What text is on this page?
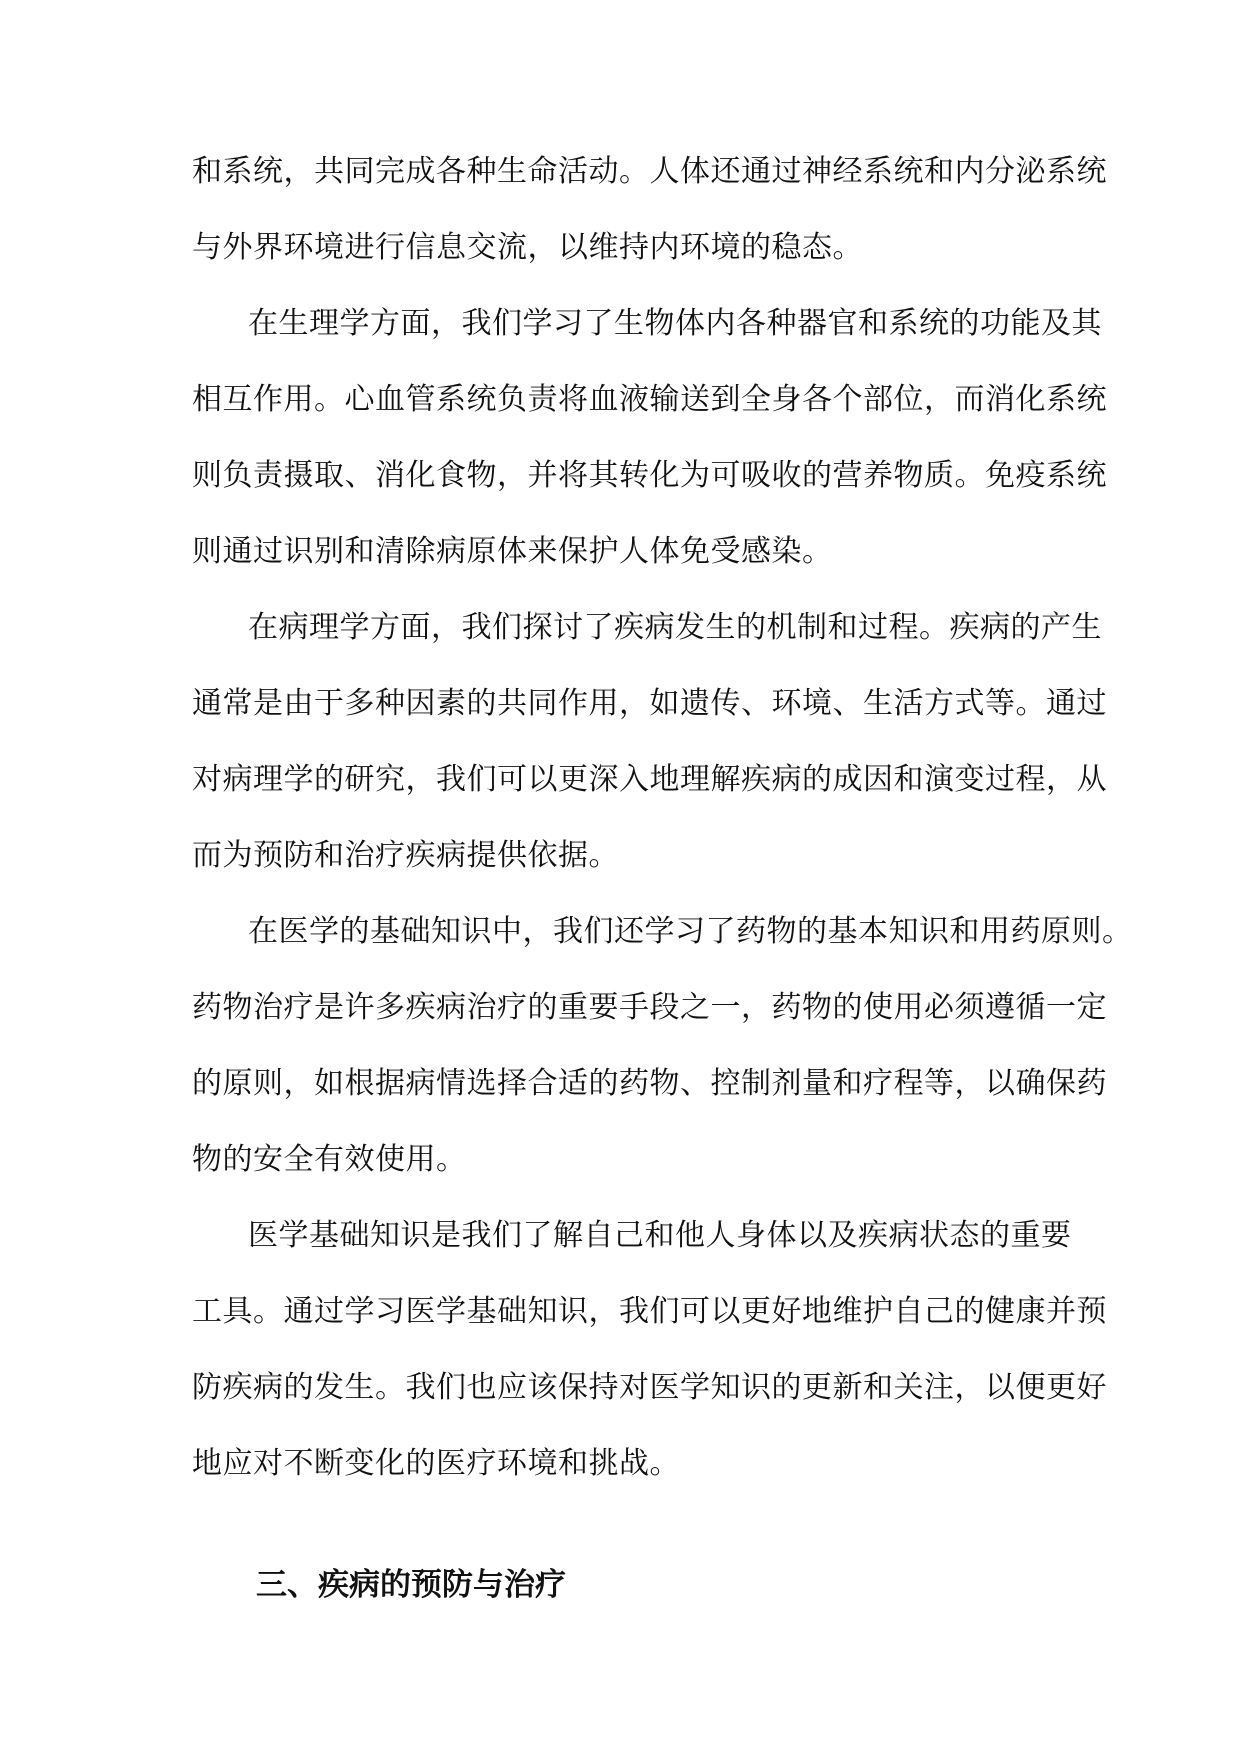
和系统，共同完成各种生命活动。人体还通过神经系统和内分泌系统
与外界环境进行信息交流，以维持内环境的稳态。
在生理学方面，我们学习了生物体内各种器官和系统的功能及其
相互作用。心血管系统负责将血液输送到全身各个部位，而消化系统
则负责摄取、消化食物，并将其转化为可吸收的营养物质。免疫系统
则通过识别和清除病原体来保护人体免受感染。
在病理学方面，我们探讨了疾病发生的机制和过程。疾病的产生
通常是由于多种因素的共同作用，如遗传、环境、生活方式等。通过
对病理学的研究，我们可以更深入地理解疾病的成因和演变过程，从
而为预防和治疗疾病提供依据。
在医学的基础知识中，我们还学习了药物的基本知识和用药原则。
药物治疗是许多疾病治疗的重要手段之一，药物的使用必须遵循一定
的原则，如根据病情选择合适的药物、控制剂量和疗程等，以确保药
物的安全有效使用。
医学基础知识是我们了解自己和他人身体以及疾病状态的重要
工具。通过学习医学基础知识，我们可以更好地维护自己的健康并预
防疾病的发生。我们也应该保持对医学知识的更新和关注，以便更好
地应对不断变化的医疗环境和挑战。
三、疾病的预防与治疗
